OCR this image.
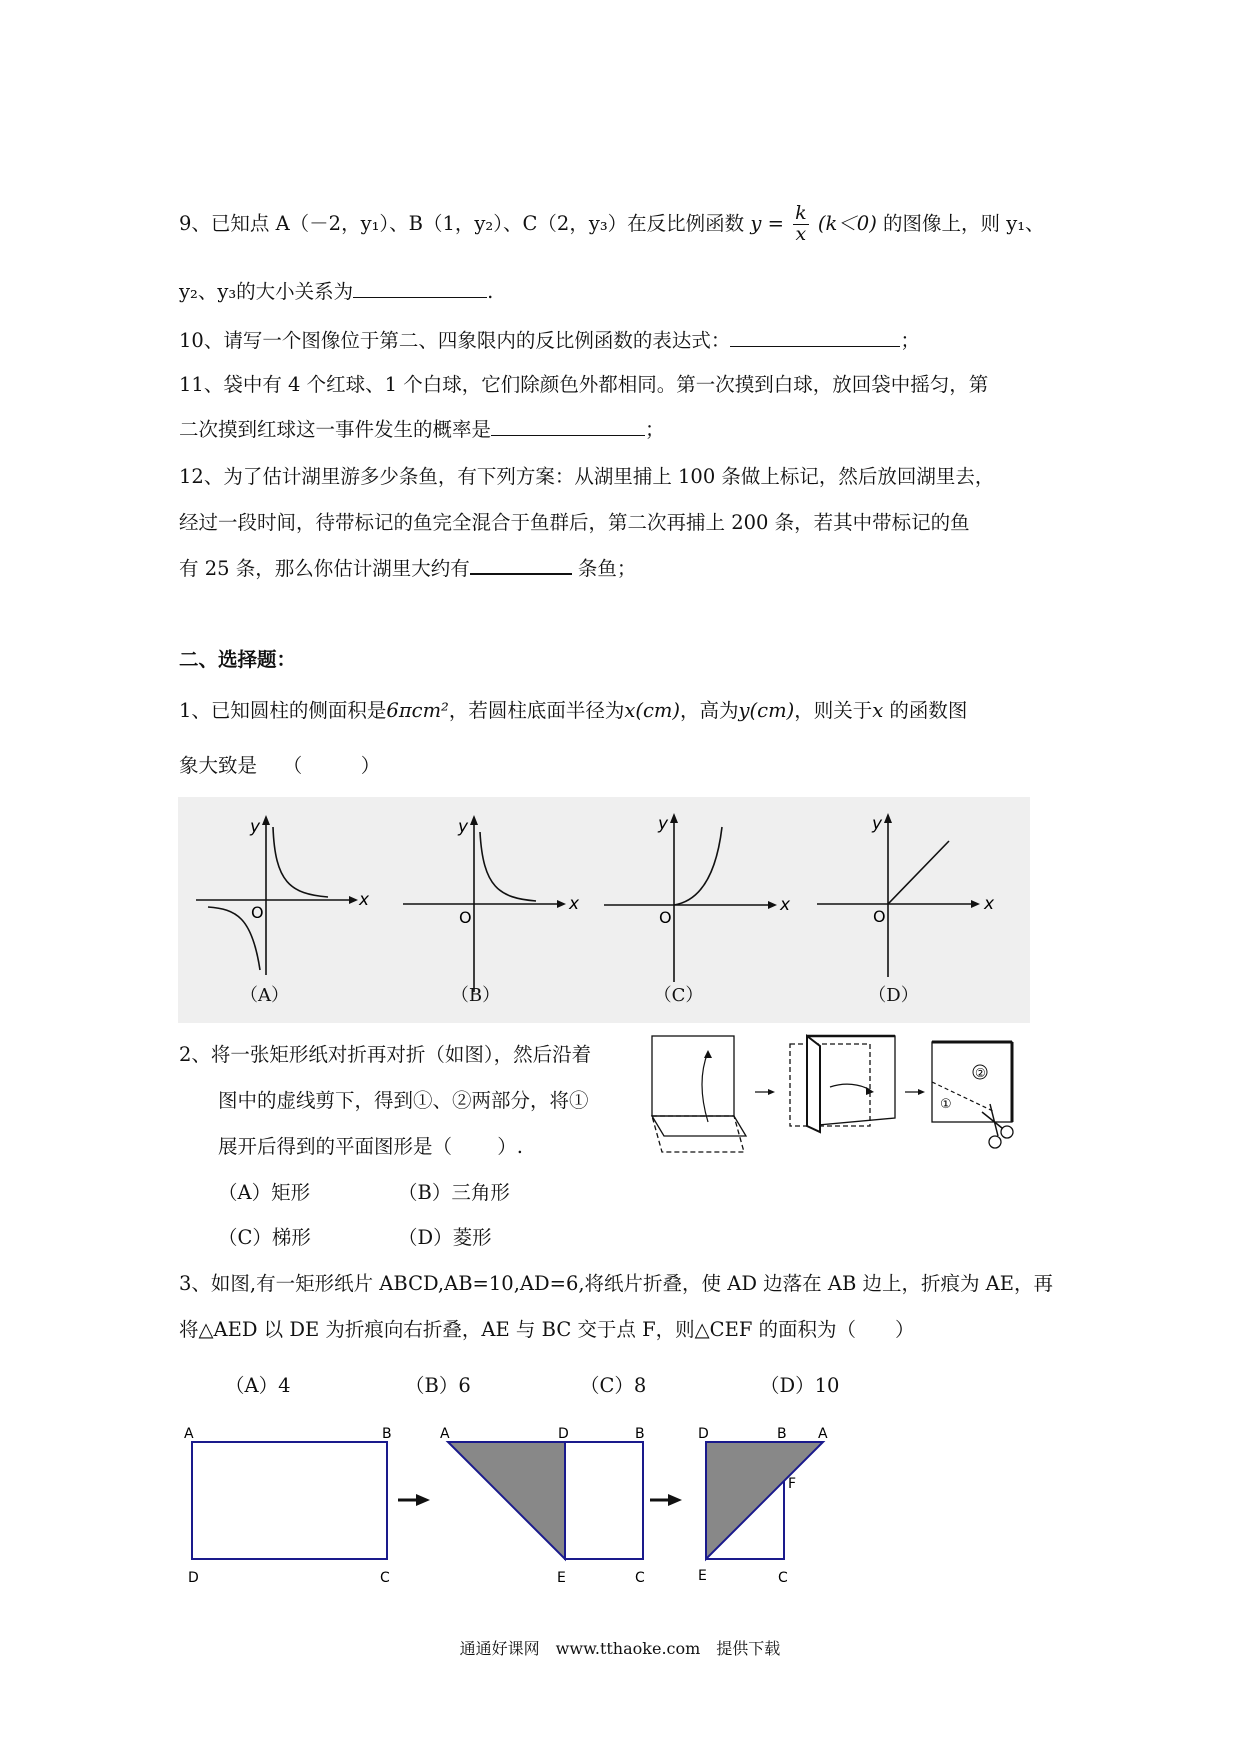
9、已知点 A（－2，y₁）、B（1，y₂）、C（2，y₃）在反比例函数 $y = \frac{k}{x} (k<0)$ 的图像上，则 y₁、
y₂、y₃的大小关系为	.
10、请写一个图像位于第二、四象限内的反比例函数的表达式：	；
11、袋中有 4 个红球、1 个白球，它们除颜色外都相同。第一次摸到白球，放回袋中摇匀，第
二次摸到红球这一事件发生的概率是	；
12、为了估计湖里游多少条鱼，有下列方案：从湖里捕上 100 条做上标记，然后放回湖里去，
经过一段时间，待带标记的鱼完全混合于鱼群后，第二次再捕上 200 条，若其中带标记的鱼
有 25 条，那么你估计湖里大约有	条鱼；
二、选择题：
1、已知圆柱的侧面积是6πcm²，若圆柱底面半径为x(cm)，高为y(cm)，则关于x 的函数图
象大致是　 （　　　）
y
x
O
（A）
y
x
O
（B）
y
x
O
（C）
y
x
O
（D）
2、将一张矩形纸对折再对折（如图），然后沿着
图中的虚线剪下，得到①、②两部分，将①
展开后得到的平面图形是（　　 ）.
（A）矩形	（B）三角形
（C）梯形	（D）菱形
②
①
3、如图,有一矩形纸片 ABCD,AB=10,AD=6,将纸片折叠，使 AD 边落在 AB 边上，折痕为 AE，再
将△AED 以 DE 为折痕向右折叠，AE 与 BC 交于点 F，则△CEF 的面积为（　　）
（A）4	（B）6	（C）8	（D）10
A	B
D	C
A	D	B
E	C
D	B A
F
E	C
通通好课网　www.tthaoke.com　提供下载
